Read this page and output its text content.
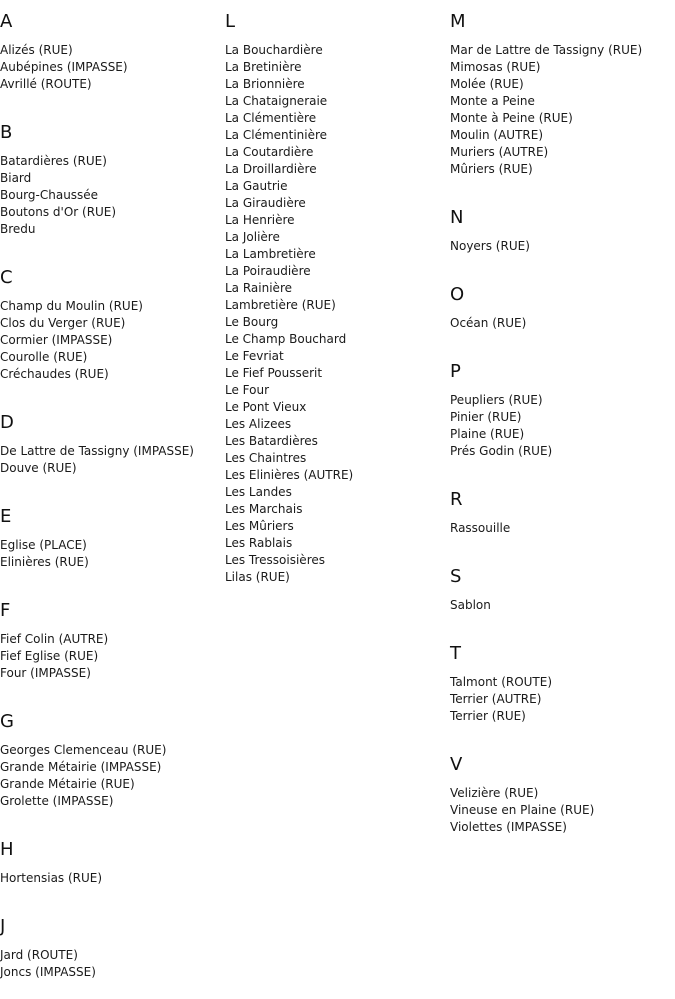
A
Alizés (RUE)
Aubépines (IMPASSE)
Avrillé (ROUTE)
B
Batardières (RUE)
Biard
Bourg-Chaussée
Boutons d'Or (RUE)
Bredu
C
Champ du Moulin (RUE)
Clos du Verger (RUE)
Cormier (IMPASSE)
Courolle (RUE)
Créchaudes (RUE)
D
De Lattre de Tassigny (IMPASSE)
Douve (RUE)
E
Eglise (PLACE)
Elinières (RUE)
F
Fief Colin (AUTRE)
Fief Eglise (RUE)
Four (IMPASSE)
G
Georges Clemenceau (RUE)
Grande Métairie (IMPASSE)
Grande Métairie (RUE)
Grolette (IMPASSE)
H
Hortensias (RUE)
J
Jard (ROUTE)
Joncs (IMPASSE)
L
La Bouchardière
La Bretinière
La Brionnière
La Chataigneraie
La Clémentière
La Clémentinière
La Coutardière
La Droillardière
La Gautrie
La Giraudière
La Henrière
La Jolière
La Lambretière
La Poiraudière
La Rainière
Lambretière (RUE)
Le Bourg
Le Champ Bouchard
Le Fevriat
Le Fief Pousserit
Le Four
Le Pont Vieux
Les Alizees
Les Batardières
Les Chaintres
Les Elinières (AUTRE)
Les Landes
Les Marchais
Les Mûriers
Les Rablais
Les Tressoisières
Lilas (RUE)
M
Mar de Lattre de Tassigny (RUE)
Mimosas (RUE)
Molée (RUE)
Monte a Peine
Monte à Peine (RUE)
Moulin (AUTRE)
Muriers (AUTRE)
Mûriers (RUE)
N
Noyers (RUE)
O
Océan (RUE)
P
Peupliers (RUE)
Pinier (RUE)
Plaine (RUE)
Prés Godin (RUE)
R
Rassouille
S
Sablon
T
Talmont (ROUTE)
Terrier (AUTRE)
Terrier (RUE)
V
Velizière (RUE)
Vineuse en Plaine (RUE)
Violettes (IMPASSE)
